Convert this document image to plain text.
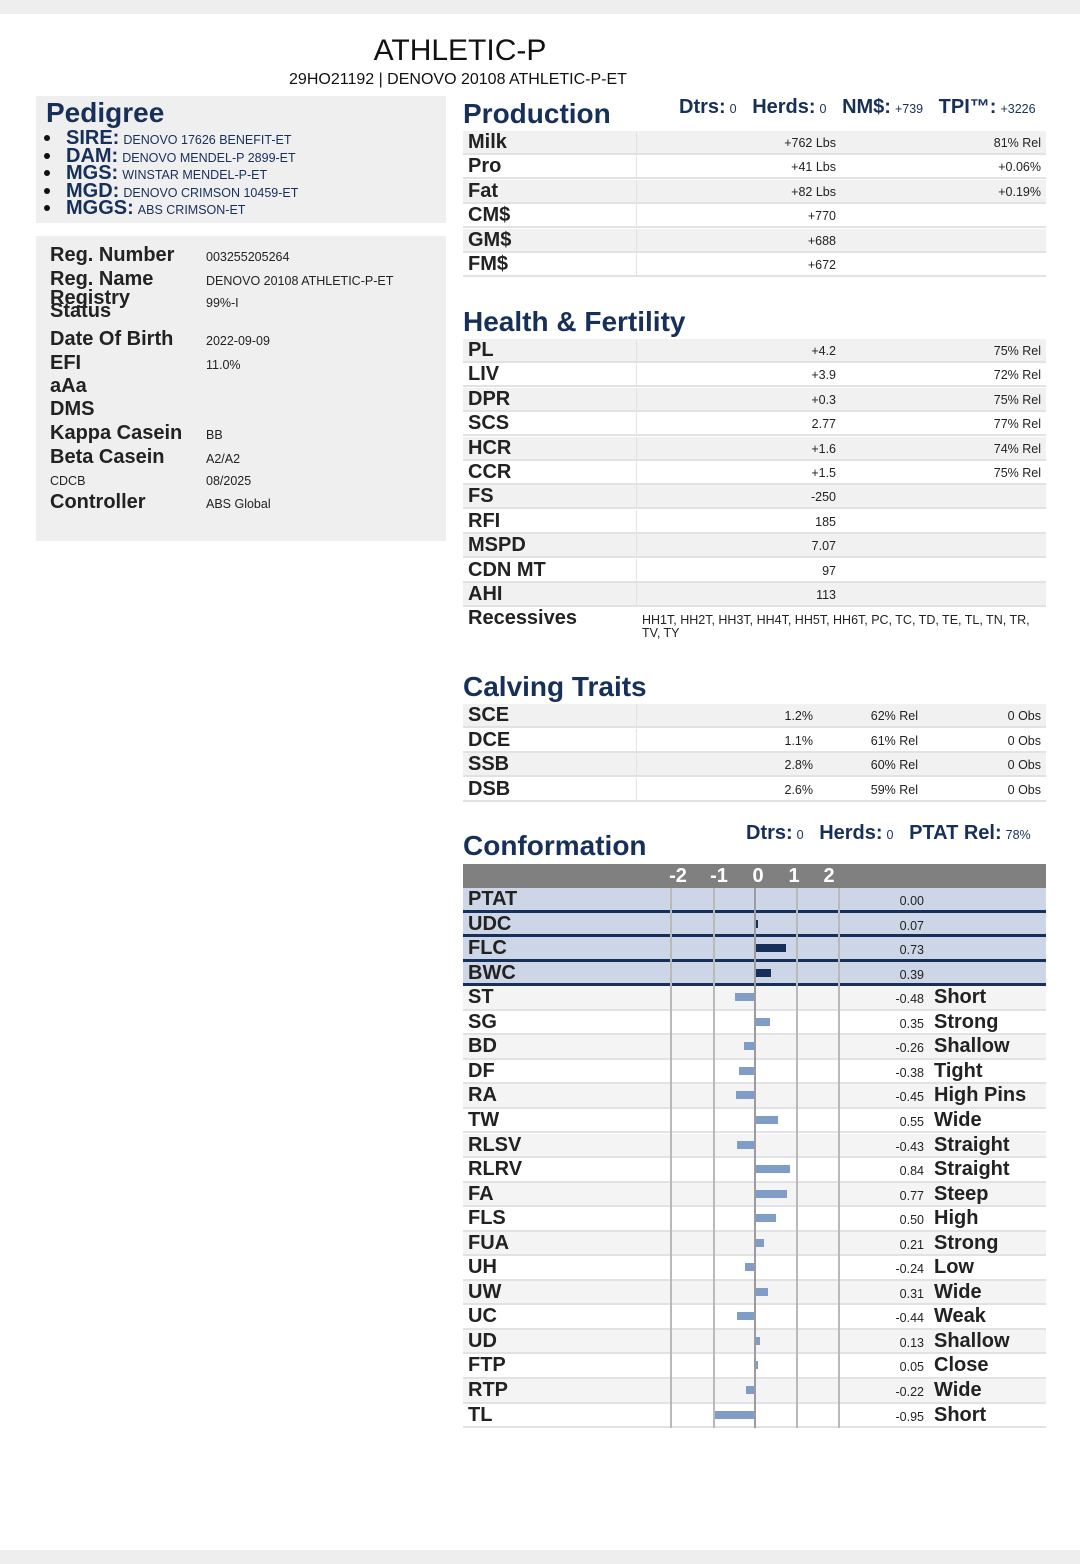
ATHLETIC-P
29HO21192 | DENOVO 20108 ATHLETIC-P-ET
Pedigree
SIRE: DENOVO 17626 BENEFIT-ET
DAM: DENOVO MENDEL-P 2899-ET
MGS: WINSTAR MENDEL-P-ET
MGD: DENOVO CRIMSON 10459-ET
MGGS: ABS CRIMSON-ET
Reg. Number	003255205264
Reg. Name	DENOVO 20108 ATHLETIC-P-ET
Registry Status	99%-I
Date Of Birth	2022-09-09
EFI	11.0%
aAa
DMS
Kappa Casein BB
Beta Casein	A2/A2
CDCB	08/2025
Controller	ABS Global
Production	Dtrs: 0 Herds: 0 NM$: +739 TPI™: +3226
Milk	+762 Lbs	81% Rel
Pro	+41 Lbs	+0.06%
Fat	+82 Lbs	+0.19%
CM$	+770
GM$	+688
FM$	+672
Health & Fertility
PL	+4.2	75% Rel
LIV	+3.9	72% Rel
DPR	+0.3	75% Rel
SCS	2.77	77% Rel
HCR	+1.6	74% Rel
CCR	+1.5	75% Rel
FS	-250
RFI	185
MSPD	7.07
CDN MT	97
AHI	113
Recessives	HH1T, HH2T, HH3T, HH4T, HH5T, HH6T, PC, TC, TD, TE, TL, TN, TR, TV, TY
Calving Traits
SCE	1.2%	62% Rel	0 Obs
DCE	1.1%	61% Rel	0 Obs
SSB	2.8%	60% Rel	0 Obs
DSB	2.6%	59% Rel	0 Obs
Conformation	Dtrs: 0 Herds: 0 PTAT Rel: 78%
-2 -1 0 1 2
PTAT	0.00
UDC	0.07
FLC	0.73
BWC	0.39
ST	-0.48 Short
SG	0.35 Strong
BD	-0.26 Shallow
DF	-0.38 Tight
RA	-0.45 High Pins
TW	0.55 Wide
RLSV	-0.43 Straight
RLRV	0.84 Straight
FA	0.77 Steep
FLS	0.50 High
FUA	0.21 Strong
UH	-0.24 Low
UW	0.31 Wide
UC	-0.44 Weak
UD	0.13 Shallow
FTP	0.05 Close
RTP	-0.22 Wide
TL	-0.95 Short
